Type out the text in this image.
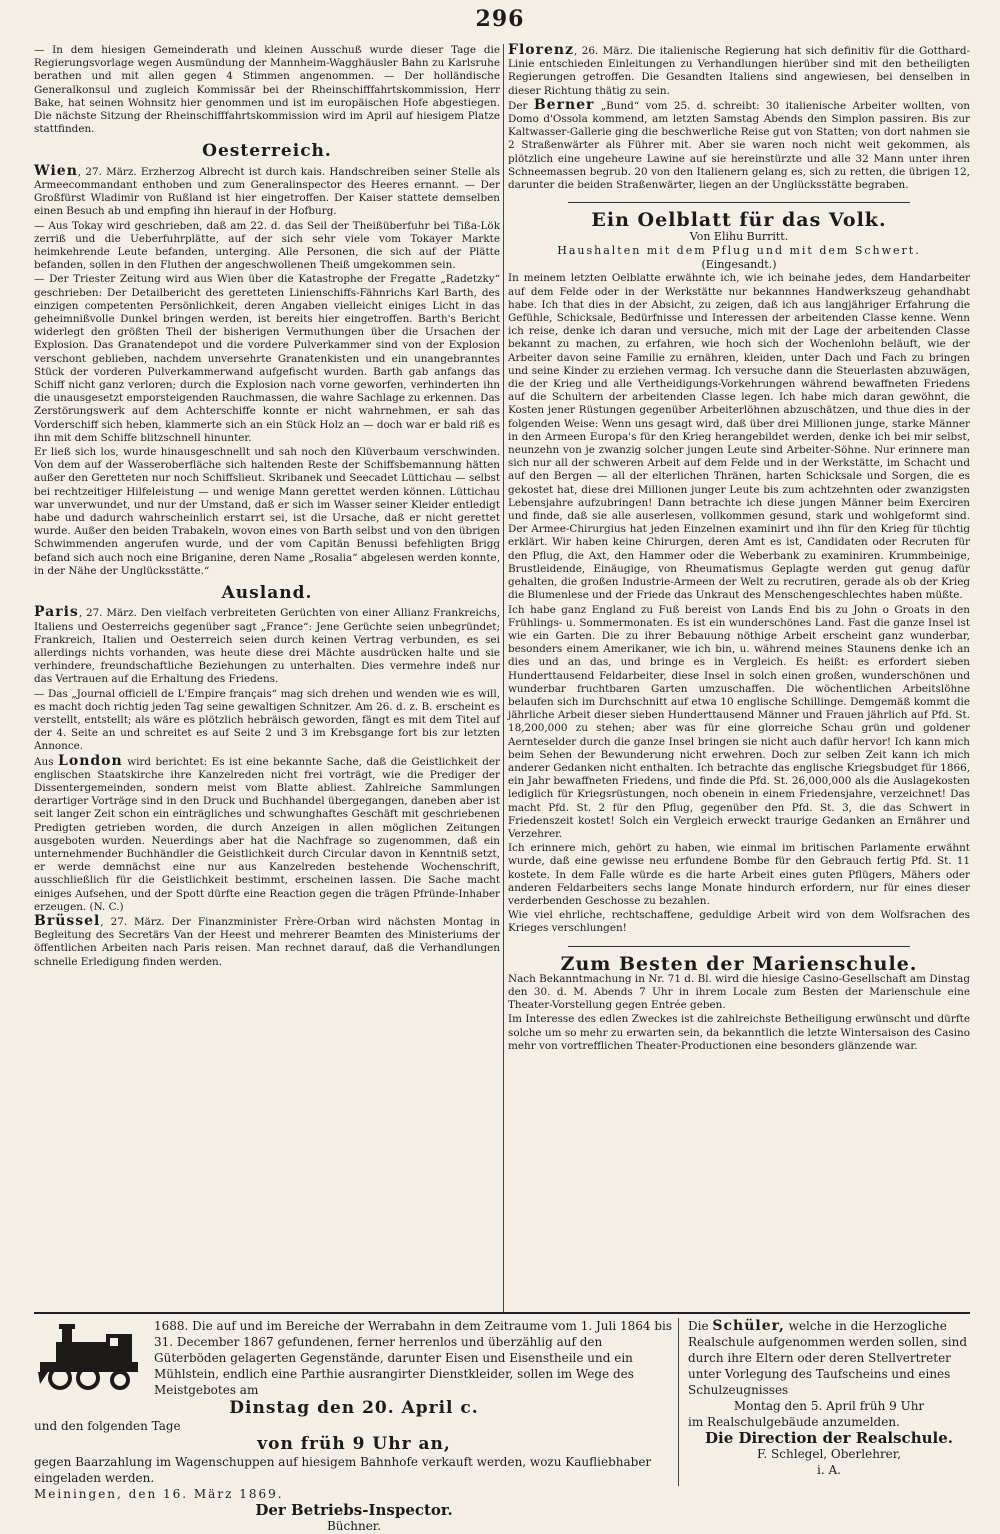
296

— In dem hiesigen Gemeinderath und kleinen Ausschuß wurde dieser Tage die Regierungsvorlage wegen Ausmündung der Mannheim-Wagghäusler Bahn zu Karlsruhe berathen und mit allen gegen 4 Stimmen angenommen. — Der holländische Generalkonsul und zugleich Kommissär bei der Rheinschifffahrtskommission, Herr Bake, hat seinen Wohnsitz hier genommen und ist im europäischen Hofe abgestiegen. Die nächste Sitzung der Rheinschifffahrtskommission wird im April auf hiesigem Platze stattfinden.

Oesterreich.

Wien, 27. März. Erzherzog Albrecht ist durch kais. Handschreiben seiner Stelle als Armeecommandant enthoben und zum Generalinspector des Heeres ernannt. — Der Großfürst Wladimir von Rußland ist hier eingetroffen. Der Kaiser stattete demselben einen Besuch ab und empfing ihn hierauf in der Hofburg.

— Aus Tokay wird geschrieben, daß am 22. d. das Seil der Theißüberfuhr bei Tißa-Lök zerriß und die Ueberfuhrplätte, auf der sich sehr viele vom Tokayer Markte heimkehrende Leute befanden, unterging. Alle Personen, die sich auf der Plätte befanden, sollen in den Fluthen der angeschwollenen Theiß umgekommen sein.

— Der Triester Zeitung wird aus Wien über die Katastrophe der Fregatte „Radetzky“ geschrieben: Der Detailbericht des geretteten Linienschiffs-Fähnrichs Karl Barth, des einzigen competenten Persönlichkeit, deren Angaben vielleicht einiges Licht in das geheimnißvolle Dunkel bringen werden, ist bereits hier eingetroffen. Barth's Bericht widerlegt den größten Theil der bisherigen Vermuthungen über die Ursachen der Explosion. Das Granatendepot und die vordere Pulverkammer sind von der Explosion verschont geblieben, nachdem unversehrte Granatenkisten und ein unangebranntes Stück der vorderen Pulverkammerwand aufgefischt wurden. Barth gab anfangs das Schiff nicht ganz verloren; durch die Explosion nach vorne geworfen, verhinderten ihn die unausgesetzt emporsteigenden Rauchmassen, die wahre Sachlage zu erkennen. Das Zerstörungswerk auf dem Achterschiffe konnte er nicht wahrnehmen, er sah das Vorderschiff sich heben, klammerte sich an ein Stück Holz an — doch war er bald riß es ihn mit dem Schiffe blitzschnell hinunter.

Er ließ sich los, wurde hinausgeschnellt und sah noch den Klüverbaum verschwinden. Von dem auf der Wasseroberfläche sich haltenden Reste der Schiffsbemannung hätten außer den Geretteten nur noch Schiffslieut. Skribanek und Seecadet Lüttichau — selbst bei rechtzeitiger Hilfeleistung — und wenige Mann gerettet werden können. Lüttichau war unverwundet, und nur der Umstand, daß er sich im Wasser seiner Kleider entledigt habe und dadurch wahrscheinlich erstarrt sei, ist die Ursache, daß er nicht gerettet wurde. Außer den beiden Trabakeln, wovon eines von Barth selbst und von den übrigen Schwimmenden angerufen wurde, und der vom Capitän Benussi befehligten Brigg befand sich auch noch eine Briganine, deren Name „Rosalia“ abgelesen werden konnte, in der Nähe der Unglücksstätte.“

Ausland.

Paris, 27. März. Den vielfach verbreiteten Gerüchten von einer Allianz Frankreichs, Italiens und Oesterreichs gegenüber sagt „France“: Jene Gerüchte seien unbegründet; Frankreich, Italien und Oesterreich seien durch keinen Vertrag verbunden, es sei allerdings nichts vorhanden, was heute diese drei Mächte ausdrücken halte und sie verhindere, freundschaftliche Beziehungen zu unterhalten. Dies vermehre indeß nur das Vertrauen auf die Erhaltung des Friedens.

— Das „Journal officiell de L'Empire français“ mag sich drehen und wenden wie es will, es macht doch richtig jeden Tag seine gewaltigen Schnitzer. Am 26. d. z. B. erscheint es verstellt, entstellt; als wäre es plötzlich hebräisch geworden, fängt es mit dem Titel auf der 4. Seite an und schreitet es auf Seite 2 und 3 im Krebsgange fort bis zur letzten Annonce.

Aus London wird berichtet: Es ist eine bekannte Sache, daß die Geistlichkeit der englischen Staatskirche ihre Kanzelreden nicht frei vorträgt, wie die Prediger der Dissentergemeinden, sondern meist vom Blatte abliest. Zahlreiche Sammlungen derartiger Vorträge sind in den Druck und Buchhandel übergegangen, daneben aber ist seit langer Zeit schon ein einträgliches und schwunghaftes Geschäft mit geschriebenen Predigten getrieben worden, die durch Anzeigen in allen möglichen Zeitungen ausgeboten wurden. Neuerdings aber hat die Nachfrage so zugenommen, daß ein unternehmender Buchhändler die Geistlichkeit durch Circular davon in Kenntniß setzt, er werde demnächst eine nur aus Kanzelreden bestehende Wochenschrift, ausschließlich für die Geistlichkeit bestimmt, erscheinen lassen. Die Sache macht einiges Aufsehen, und der Spott dürfte eine Reaction gegen die trägen Pfründe-Inhaber erzeugen. (N. C.)

Brüssel, 27. März. Der Finanzminister Frère-Orban wird nächsten Montag in Begleitung des Secretärs Van der Heest und mehrerer Beamten des Ministeriums der öffentlichen Arbeiten nach Paris reisen. Man rechnet darauf, daß die Verhandlungen schnelle Erledigung finden werden.

Florenz, 26. März. Die italienische Regierung hat sich definitiv für die Gotthard-Linie entschieden Einleitungen zu Verhandlungen hierüber sind mit den betheiligten Regierungen getroffen. Die Gesandten Italiens sind angewiesen, bei denselben in dieser Richtung thätig zu sein.

Der Berner „Bund“ vom 25. d. schreibt: 30 italienische Arbeiter wollten, von Domo d'Ossola kommend, am letzten Samstag Abends den Simplon passiren. Bis zur Kaltwasser-Gallerie ging die beschwerliche Reise gut von Statten; von dort nahmen sie 2 Straßenwärter als Führer mit. Aber sie waren noch nicht weit gekommen, als plötzlich eine ungeheure Lawine auf sie hereinstürzte und alle 32 Mann unter ihren Schneemassen begrub. 20 von den Italienern gelang es, sich zu retten, die übrigen 12, darunter die beiden Straßenwärter, liegen an der Unglücksstätte begraben.

Ein Oelblatt für das Volk.
Von Elihu Burritt.
Haushalten mit dem Pflug und mit dem Schwert.
(Eingesandt.)

In meinem letzten Oelblatte erwähnte ich, wie ich beinahe jedes, dem Handarbeiter auf dem Felde oder in der Werkstätte nur bekannnes Handwerkszeug gehandhabt habe. Ich that dies in der Absicht, zu zeigen, daß ich aus langjähriger Erfahrung die Gefühle, Schicksale, Bedürfnisse und Interessen der arbeitenden Classe kenne. Wenn ich reise, denke ich daran und versuche, mich mit der Lage der arbeitenden Classe bekannt zu machen, zu erfahren, wie hoch sich der Wochenlohn beläuft, wie der Arbeiter davon seine Familie zu ernähren, kleiden, unter Dach und Fach zu bringen und seine Kinder zu erziehen vermag. Ich versuche dann die Steuerlasten abzuwägen, die der Krieg und alle Vertheidigungs-Vorkehrungen während bewaffneten Friedens auf die Schultern der arbeitenden Classe legen. Ich habe mich daran gewöhnt, die Kosten jener Rüstungen gegenüber Arbeiterlöhnen abzuschätzen, und thue dies in der folgenden Weise: Wenn uns gesagt wird, daß über drei Millionen junge, starke Männer in den Armeen Europa's für den Krieg herangebildet werden, denke ich bei mir selbst, neunzehn von je zwanzig solcher jungen Leute sind Arbeiter-Söhne. Nur erinnere man sich nur all der schweren Arbeit auf dem Felde und in der Werkstätte, im Schacht und auf den Bergen — all der elterlichen Thränen, harten Schicksale und Sorgen, die es gekostet hat, diese drei Millionen junger Leute bis zum achtzehnten oder zwanzigsten Lebensjahre aufzubringen! Dann betrachte ich diese jungen Männer beim Exerciren und finde, daß sie alle auserlesen, vollkommen gesund, stark und wohlgeformt sind. Der Armee-Chirurgius hat jeden Einzelnen examinirt und ihn für den Krieg für tüchtig erklärt. Wir haben keine Chirurgen, deren Amt es ist, Candidaten oder Recruten für den Pflug, die Axt, den Hammer oder die Weberbank zu examiniren. Krummbeinige, Brustleidende, Einäugige, von Rheumatismus Geplagte werden gut genug dafür gehalten, die großen Industrie-Armeen der Welt zu recrutiren, gerade als ob der Krieg die Blumenlese und der Friede das Unkraut des Menschengeschlechtes haben müßte.

Ich habe ganz England zu Fuß bereist von Lands End bis zu John o Groats in den Frühlings- u. Sommermonaten. Es ist ein wunderschönes Land. Fast die ganze Insel ist wie ein Garten. Die zu ihrer Bebauung nöthige Arbeit erscheint ganz wunderbar, besonders einem Amerikaner, wie ich bin, u. während meines Staunens denke ich an dies und an das, und bringe es in Vergleich. Es heißt: es erfordert sieben Hunderttausend Feldarbeiter, diese Insel in solch einen großen, wunderschönen und wunderbar fruchtbaren Garten umzuschaffen. Die wöchentlichen Arbeitslöhne belaufen sich im Durchschnitt auf etwa 10 englische Schillinge. Demgemäß kommt die jährliche Arbeit dieser sieben Hunderttausend Männer und Frauen jährlich auf Pfd. St. 18,200,000 zu stehen; aber was für eine glorreiche Schau grün und goldener Aernteselder durch die ganze Insel bringen sie nicht auch dafür hervor! Ich kann mich beim Sehen der Bewunderung nicht erwehren. Doch zur selben Zeit kann ich mich anderer Gedanken nicht enthalten. Ich betrachte das englische Kriegsbudget für 1866, ein Jahr bewaffneten Friedens, und finde die Pfd. St. 26,000,000 als die Auslagekosten lediglich für Kriegsrüstungen, noch obenein in einem Friedensjahre, verzeichnet! Das macht Pfd. St. 2 für den Pflug, gegenüber den Pfd. St. 3, die das Schwert in Friedenszeit kostet! Solch ein Vergleich erweckt traurige Gedanken an Ernährer und Verzehrer.

Ich erinnere mich, gehört zu haben, wie einmal im britischen Parlamente erwähnt wurde, daß eine gewisse neu erfundene Bombe für den Gebrauch fertig Pfd. St. 11 kostete. In dem Falle würde es die harte Arbeit eines guten Pflügers, Mähers oder anderen Feldarbeiters sechs lange Monate hindurch erfordern, nur für eines dieser verderbenden Geschosse zu bezahlen.

Wie viel ehrliche, rechtschaffene, geduldige Arbeit wird von dem Wolfsrachen des Krieges verschlungen!

Zum Besten der Marienschule.

Nach Bekanntmachung in Nr. 71 d. Bl. wird die hiesige Casino-Gesellschaft am Dinstag den 30. d. M. Abends 7 Uhr in ihrem Locale zum Besten der Marienschule eine Theater-Vorstellung gegen Entrée geben.

Im Interesse des edlen Zweckes ist die zahlreichste Betheiligung erwünscht und dürfte solche um so mehr zu erwarten sein, da bekanntlich die letzte Wintersaison des Casino mehr von vortrefflichen Theater-Productionen eine besonders glänzende war.

1688. Die auf und im Bereiche der Werrabahn in dem Zeitraume vom 1. Juli 1864 bis 31. December 1867 gefundenen, ferner herrenlos und überzählig auf den Güterböden gelagerten Gegenstände, darunter Eisen und Eisenstheile und ein Mühlstein, endlich eine Parthie ausrangirter Dienstkleider, sollen im Wege des Meistgebotes am

Dinstag den 20. April c.
und den folgenden Tage
von früh 9 Uhr an,

gegen Baarzahlung im Wagenschuppen auf hiesigem Bahnhofe verkauft werden, wozu Kaufliebhaber eingeladen werden.

Meiningen, den 16. März 1869.
Der Betriebs-Inspector.
Büchner.

Die Schüler, welche in die Herzogliche Realschule aufgenommen werden sollen, sind durch ihre Eltern oder deren Stellvertreter unter Vorlegung des Taufscheins und eines Schulzeugnisses

Montag den 5. April früh 9 Uhr
im Realschulgebäude anzumelden.
Die Direction der Realschule.
F. Schlegel, Oberlehrer,
i. A.
